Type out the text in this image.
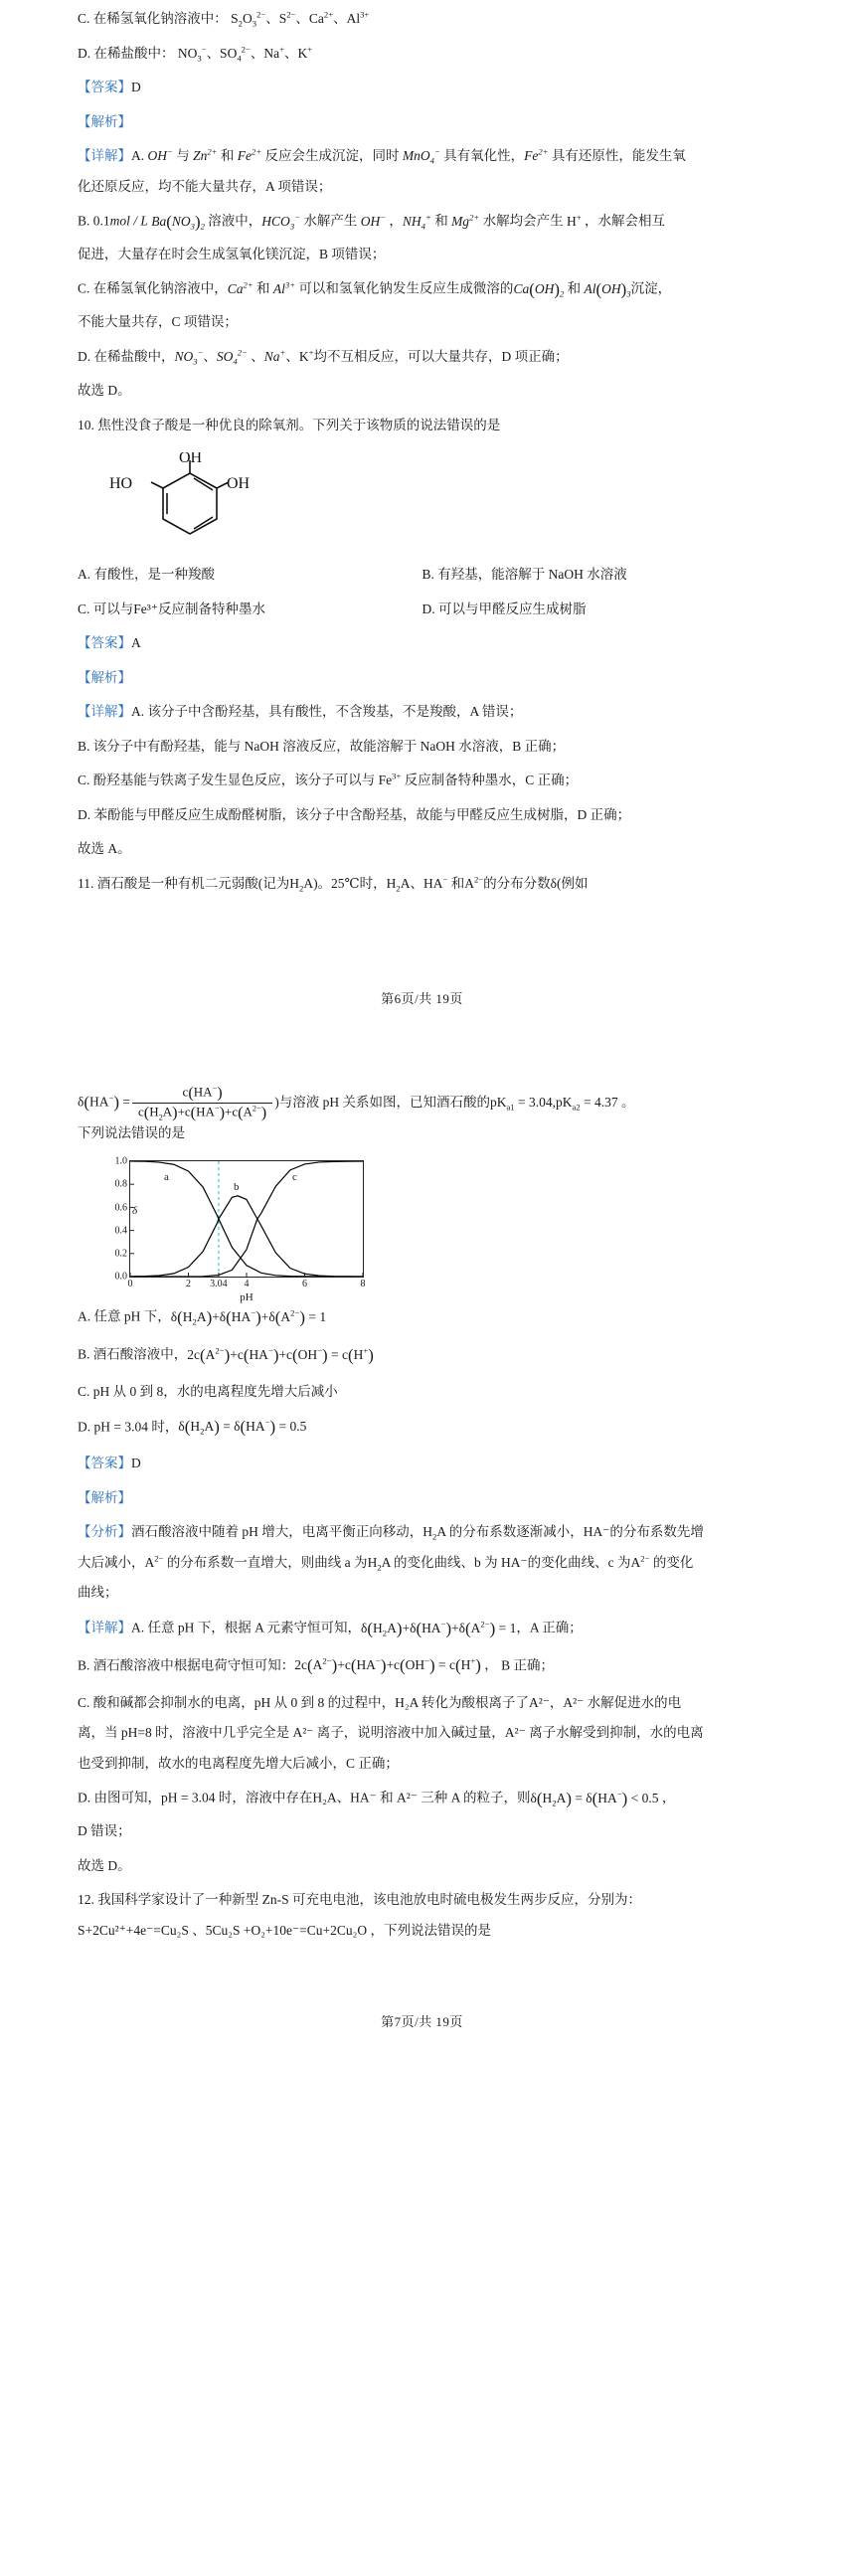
C. 在稀氢氧化钠溶液中： $S_2O_3^{2-}$、$S^{2-}$、$Ca^{2+}$、$Al^{3+}$
D. 在稀盐酸中： $NO_3^-$、$SO_4^{2-}$、Na+、K+
【答案】D
【解析】
【详解】A. OH− 与 $Zn^{2+}$ 和 $Fe^{2+}$ 反应会生成沉淀，同时 MnO$_4$− 具有氧化性，$Fe^{2+}$ 具有还原性，能发生氧
化还原反应，均不能大量共存，A 项错误；
B. 0.1mol / L $Ba(NO_3)_2$ 溶液中，$HCO_3^-$ 水解产生 OH− ，$NH_4^+$ 和 $Mg^{2+}$ 水解均会产生 H+ ，水解会相互
促进，大量存在时会生成氢氧化镁沉淀，B 项错误；
C. 在稀氢氧化钠溶液中，$Ca^{2+}$ 和 $Al^{3+}$ 可以和氢氧化钠发生反应生成微溶的$Ca(OH)_2$ 和 $Al(OH)_3$沉淀，
不能大量共存，C 项错误；
D. 在稀盐酸中，$NO_3^-$、$SO_4^{2-}$ 、Na+、K+均不互相反应，可以大量共存，D 项正确；
故选 D。
10. 焦性没食子酸是一种优良的除氧剂。下列关于该物质的说法错误的是
OH
HO	OH
A. 有酸性，是一种羧酸	B. 有羟基，能溶解于 NaOH 水溶液
C. 可以与Fe³⁺反应制备特种墨水	D. 可以与甲醛反应生成树脂
【答案】A
【解析】
【详解】A. 该分子中含酚羟基，具有酸性，不含羧基，不是羧酸，A 错误；
B. 该分子中有酚羟基，能与 NaOH 溶液反应，故能溶解于 NaOH 水溶液，B 正确；
C. 酚羟基能与铁离子发生显色反应，该分子可以与 $Fe^{3+}$ 反应制备特种墨水，C 正确；
D. 苯酚能与甲醛反应生成酚醛树脂，该分子中含酚羟基，故能与甲醛反应生成树脂，D 正确；
故选 A。
11. 酒石酸是一种有机二元弱酸(记为$H_2A$)。25℃时，$H_2A$、HA− 和$A^{2-}$的分布分数δ(例如
第6页/共 19页
$\delta(HA^-) = \frac{c(HA^-)}{c(H_2A)+c(HA^-)+c(A^{2-})}$ )与溶液 pH 关系如图，已知酒石酸的 $pK_{a1} = 3.04$, $pK_{a2} = 4.37$ 。
下列说法错误的是
δ
1.0
0.8
0.6
0.4
0.2
0.0
0	2 3.04 4	6	8
pH
a
b
c
A. 任意 pH 下，$\delta(H_2A)+\delta(HA^-)+\delta(A^{2-}) = 1$
B. 酒石酸溶液中，$2c(A^{2-})+c(HA^-)+c(OH^-) = c(H^+)$
C. pH 从 0 到 8，水的电离程度先增大后减小
D. pH = 3.04 时，$\delta(H_2A) = \delta(HA^-) = 0.5$
【答案】D
【解析】
【分析】酒石酸溶液中随着 pH 增大，电离平衡正向移动，$H_2A$ 的分布系数逐渐减小，HA⁻的分布系数先增
大后减小，$A^{2-}$ 的分布系数一直增大，则曲线 a 为$H_2A$ 的变化曲线、b 为 HA⁻的变化曲线、c 为$A^{2-}$ 的变化
曲线；
【详解】A. 任意 pH 下，根据 A 元素守恒可知，$\delta(H_2A)+\delta(HA^-)+\delta(A^{2-}) = 1$，A 正确；
B. 酒石酸溶液中根据电荷守恒可知：$2c(A^{2-})+c(HA^-)+c(OH^-) = c(H^+)$ ， B 正确；
C. 酸和碱都会抑制水的电离，pH 从 0 到 8 的过程中，H₂A 转化为酸根离子了A²⁻，A²⁻ 水解促进水的电
离，当 pH=8 时，溶液中几乎完全是 A²⁻ 离子，说明溶液中加入碱过量，A²⁻ 离子水解受到抑制，水的电离
也受到抑制，故水的电离程度先增大后减小，C 正确；
D. 由图可知，pH = 3.04 时，溶液中存在H₂A、HA⁻ 和 A²⁻ 三种 A 的粒子，则$\delta(H_2A) = \delta(HA^-) < 0.5$ ，
D 错误；
故选 D。
12. 我国科学家设计了一种新型 Zn-S 可充电电池，该电池放电时硫电极发生两步反应，分别为：
S+2Cu²⁺+4e⁻=Cu₂S 、5Cu₂S +O₂+10e⁻=Cu+2Cu₂O ，下列说法错误的是
第7页/共 19页
